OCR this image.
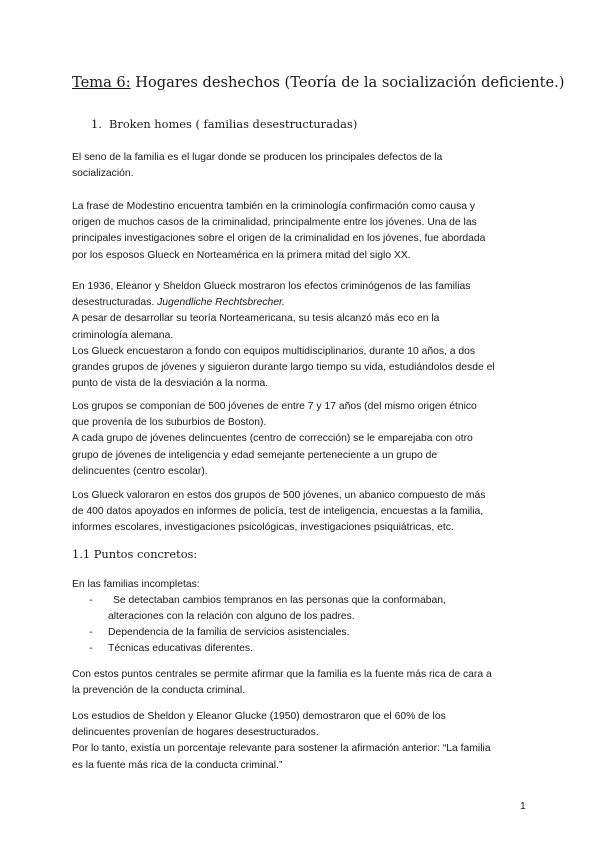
Tema 6: Hogares deshechos (Teoría de la socialización deficiente.)
1. Broken homes ( familias desestructuradas)
El seno de la familia es el lugar donde se producen los principales defectos de la
socialización.
La frase de Modestino encuentra también en la criminología confirmación como causa y
origen de muchos casos de la criminalidad, principalmente entre los jóvenes. Una de las
principales investigaciones sobre el origen de la criminalidad en los jóvenes, fue abordada
por los esposos Glueck en Norteamérica en la primera mitad del siglo XX.
En 1936, Eleanor y Sheldon Glueck mostraron los efectos criminógenos de las familias
desestructuradas. Jugendliche Rechtsbrecher.
A pesar de desarrollar su teoría Norteamericana, su tesis alcanzó más eco en la
criminología alemana.
Los Glueck encuestaron a fondo con equipos multidisciplinarios, durante 10 años, a dos
grandes grupos de jóvenes y siguieron durante largo tiempo su vida, estudiándolos desde el
punto de vista de la desviación a la norma.
Los grupos se componían de 500 jóvenes de entre 7 y 17 años (del mismo origen étnico
que provenía de los suburbios de Boston).
A cada grupo de jóvenes delincuentes (centro de corrección) se le emparejaba con otro
grupo de jóvenes de inteligencia y edad semejante perteneciente a un grupo de
delincuentes (centro escolar).
Los Glueck valoraron en estos dos grupos de 500 jóvenes, un abanico compuesto de más
de 400 datos apoyados en informes de policía, test de inteligencia, encuestas a la familia,
informes escolares, investigaciones psicológicas, investigaciones psiquiátricas, etc.
1.1 Puntos concretos:
En las familias incompletas:
-	Se detectaban cambios tempranos en las personas que la conformaban,
alteraciones con la relación con alguno de los padres.
- Dependencia de la familia de servicios asistenciales.
- Técnicas educativas diferentes.
Con estos puntos centrales se permite afirmar que la familia es la fuente más rica de cara a
la prevención de la conducta criminal.
Los estudios de Sheldon y Eleanor Glucke (1950) demostraron que el 60% de los
delincuentes provenían de hogares desestructurados.
Por lo tanto, existía un porcentaje relevante para sostener la afirmación anterior: “La familia
es la fuente más rica de la conducta criminal.”
1
